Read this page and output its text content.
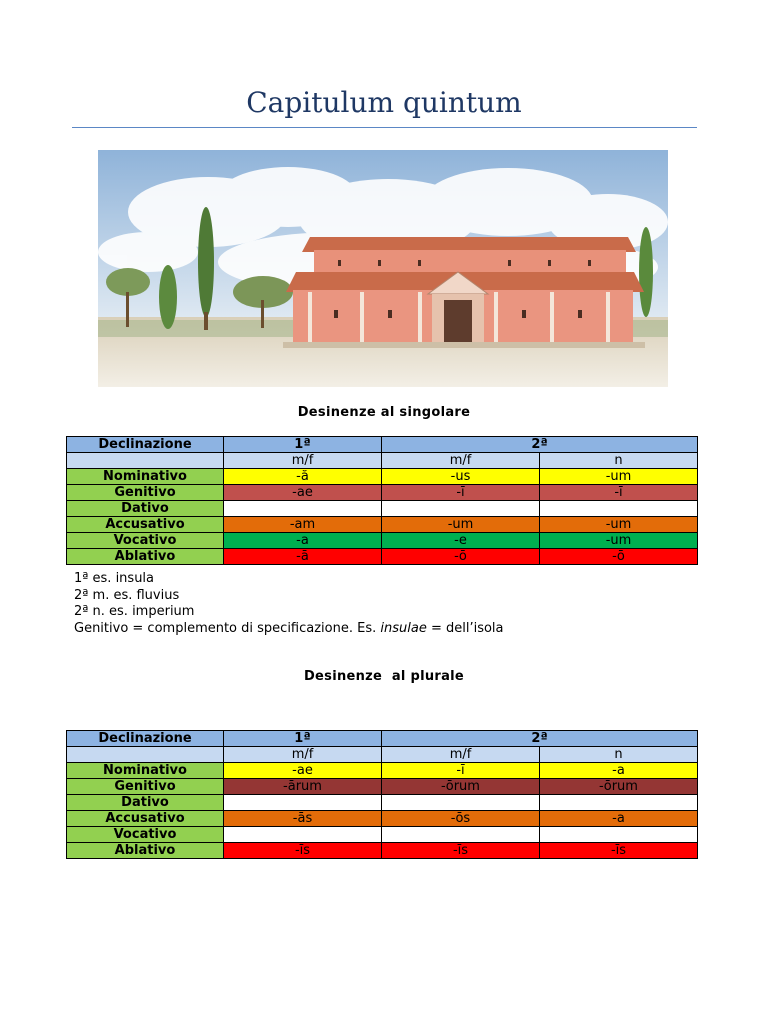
Capitulum quintum
Desinenze al singolare
Declinazione	1ª	2ª	
	m/f	m/f	n
Nominativo	-ă	-us	-um
Genitivo	-ae	-ī	-ī
Dativo			
Accusativo	-am	-um	-um
Vocativo	-a	-e	-um
Ablativo	-ā	-ō	-ō
1ª es. insula
2ª m. es. fluvius
2ª n. es. imperium
Genitivo = complemento di specificazione. Es. insulae = dell’isola
Desinenze  al plurale
Declinazione	1ª	2ª	
	m/f	m/f	n
Nominativo	-ae	-ī	-a
Genitivo	-ārum	-ōrum	-ōrum
Dativo			
Accusativo	-ās	-ōs	-a
Vocativo			
Ablativo	-īs	-īs	-īs
